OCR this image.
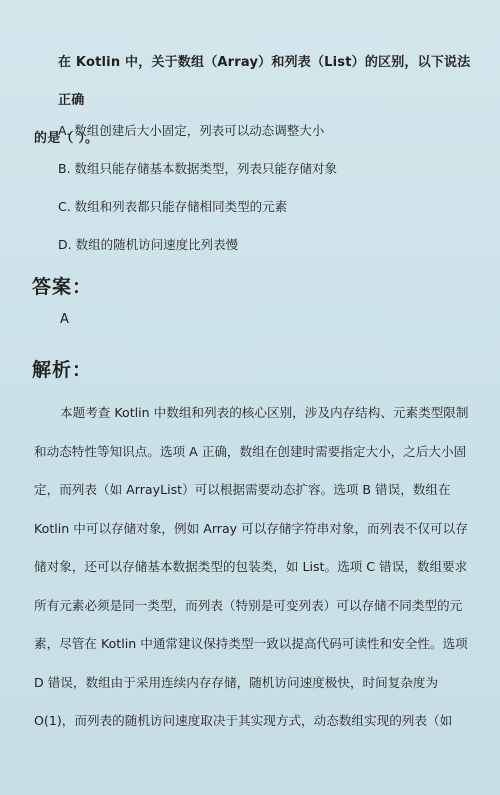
在 Kotlin 中，关于数组（Array）和列表（List）的区别，以下说法正确
的是（ ）。
A. 数组创建后大小固定，列表可以动态调整大小
B. 数组只能存储基本数据类型，列表只能存储对象
C. 数组和列表都只能存储相同类型的元素
D. 数组的随机访问速度比列表慢
答案：
A
解析：
本题考查 Kotlin 中数组和列表的核心区别，涉及内存结构、元素类型限制
和动态特性等知识点。选项 A 正确，数组在创建时需要指定大小，之后大小固
定，而列表（如 ArrayList）可以根据需要动态扩容。选项 B 错误，数组在
Kotlin 中可以存储对象，例如 Array 可以存储字符串对象，而列表不仅可以存
储对象，还可以存储基本数据类型的包装类，如 List。选项 C 错误，数组要求
所有元素必须是同一类型，而列表（特别是可变列表）可以存储不同类型的元
素，尽管在 Kotlin 中通常建议保持类型一致以提高代码可读性和安全性。选项
D 错误，数组由于采用连续内存存储，随机访问速度极快，时间复杂度为
O(1)，而列表的随机访问速度取决于其实现方式，动态数组实现的列表（如
